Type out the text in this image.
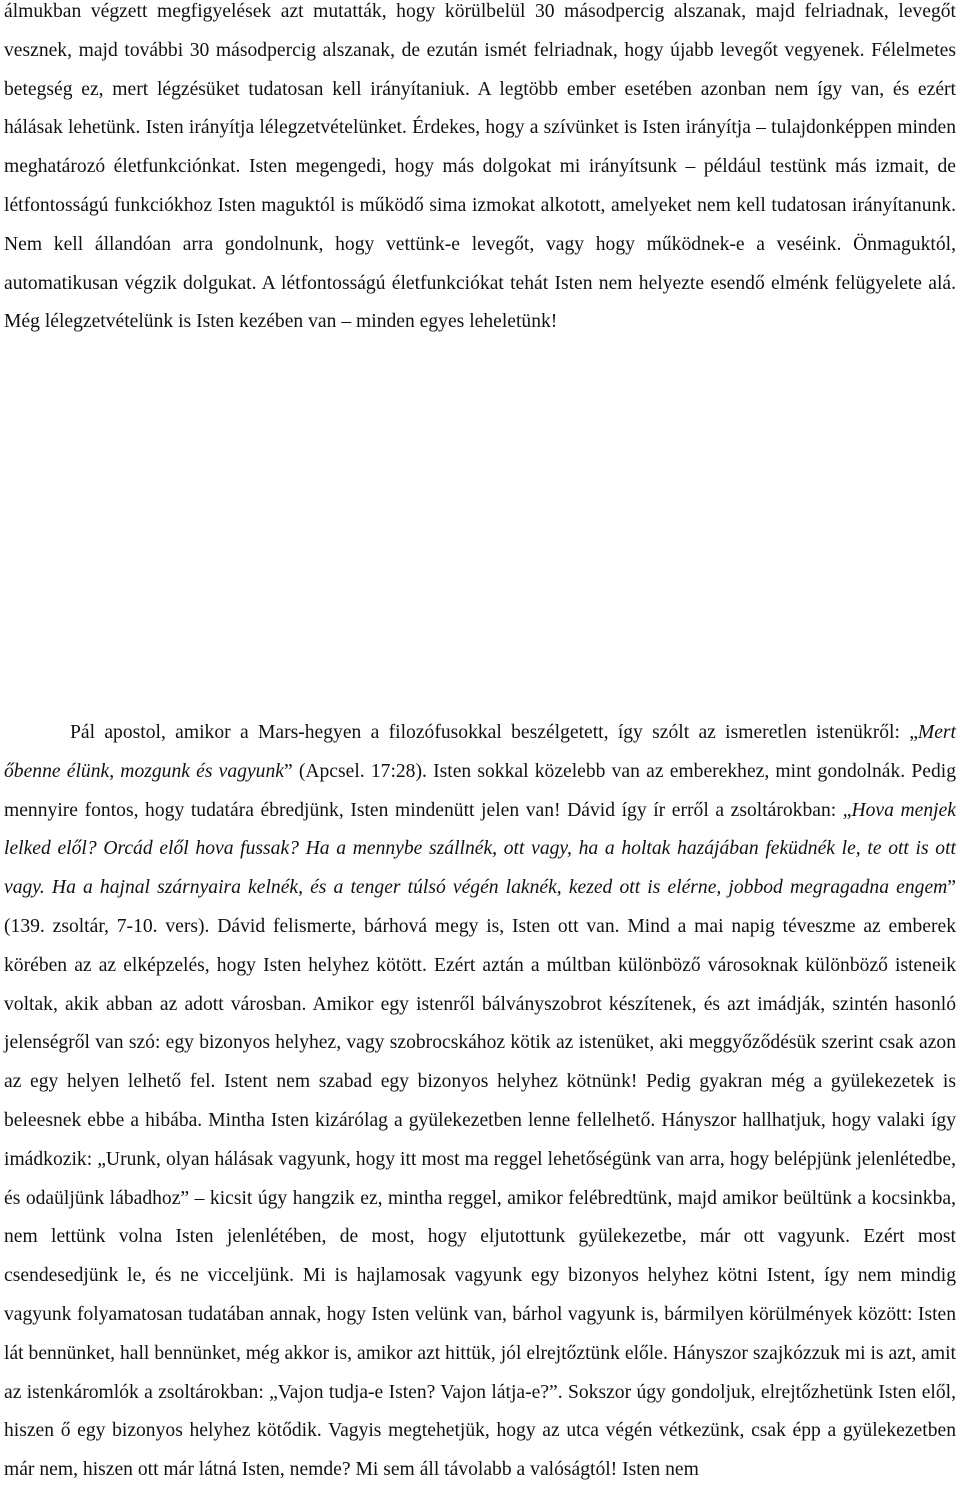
álmukban végzett megfigyelések azt mutatták, hogy körülbelül 30 másodpercig alszanak, majd felriadnak, levegőt vesznek, majd további 30 másodpercig alszanak, de ezután ismét felriadnak, hogy újabb levegőt vegyenek. Félelmetes betegség ez, mert légzésüket tudatosan kell irányítaniuk. A legtöbb ember esetében azonban nem így van, és ezért hálásak lehetünk. Isten irányítja lélegzetvételünket. Érdekes, hogy a szívünket is Isten irányítja – tulajdonképpen minden meghatározó életfunkciónkat. Isten megengedi, hogy más dolgokat mi irányítsunk – például testünk más izmait, de létfontosságú funkciókhoz Isten maguktól is működő sima izmokat alkotott, amelyeket nem kell tudatosan irányítanunk. Nem kell állandóan arra gondolnunk, hogy vettünk-e levegőt, vagy hogy működnek-e a veséink. Önmaguktól, automatikusan végzik dolgukat. A létfontosságú életfunkciókat tehát Isten nem helyezte esendő elménk felügyelete alá. Még lélegzetvételünk is Isten kezében van – minden egyes leheletünk!

Pál apostol, amikor a Mars-hegyen a filozófusokkal beszélgetett, így szólt az ismeretlen istenükről: „Mert őbenne élünk, mozgunk és vagyunk” (Apcsel. 17:28). Isten sokkal közelebb van az emberekhez, mint gondolnák. Pedig mennyire fontos, hogy tudatára ébredjünk, Isten mindenütt jelen van! Dávid így ír erről a zsoltárokban: „Hova menjek lelked elől? Orcád elől hova fussak? Ha a mennybe szállnék, ott vagy, ha a holtak hazájában feküdnék le, te ott is ott vagy. Ha a hajnal szárnyaira kelnék, és a tenger túlsó végén laknék, kezed ott is elérne, jobbod megragadna engem” (139. zsoltár, 7-10. vers). Dávid felismerte, bárhová megy is, Isten ott van. Mind a mai napig téveszme az emberek körében az az elképzelés, hogy Isten helyhez kötött. Ezért aztán a múltban különböző városoknak különböző isteneik voltak, akik abban az adott városban. Amikor egy istenről bálványszobrot készítenek, és azt imádják, szintén hasonló jelenségről van szó: egy bizonyos helyhez, vagy szobrocskához kötik az istenüket, aki meggyőződésük szerint csak azon az egy helyen lelhető fel. Istent nem szabad egy bizonyos helyhez kötnünk! Pedig gyakran még a gyülekezetek is beleesnek ebbe a hibába. Mintha Isten kizárólag a gyülekezetben lenne fellelhető. Hányszor hallhatjuk, hogy valaki így imádkozik: „Urunk, olyan hálásak vagyunk, hogy itt most ma reggel lehetőségünk van arra, hogy belépjünk jelenlétedbe, és odaüljünk lábadhoz” – kicsit úgy hangzik ez, mintha reggel, amikor felébredtünk, majd amikor beültünk a kocsinkba, nem lettünk volna Isten jelenlétében, de most, hogy eljutottunk gyülekezetbe, már ott vagyunk. Ezért most csendesedjünk le, és ne vicceljünk. Mi is hajlamosak vagyunk egy bizonyos helyhez kötni Istent, így nem mindig vagyunk folyamatosan tudatában annak, hogy Isten velünk van, bárhol vagyunk is, bármilyen körülmények között: Isten lát bennünket, hall bennünket, még akkor is, amikor azt hittük, jól elrejtőztünk előle. Hányszor szajkózzuk mi is azt, amit az istenkáromlók a zsoltárokban: „Vajon tudja-e Isten? Vajon látja-e?”. Sokszor úgy gondoljuk, elrejtőzhetünk Isten elől, hiszen ő egy bizonyos helyhez kötődik. Vagyis megtehetjük, hogy az utca végén vétkezünk, csak épp a gyülekezetben már nem, hiszen ott már látná Isten, nemde? Mi sem áll távolabb a valóságtól! Isten nem
